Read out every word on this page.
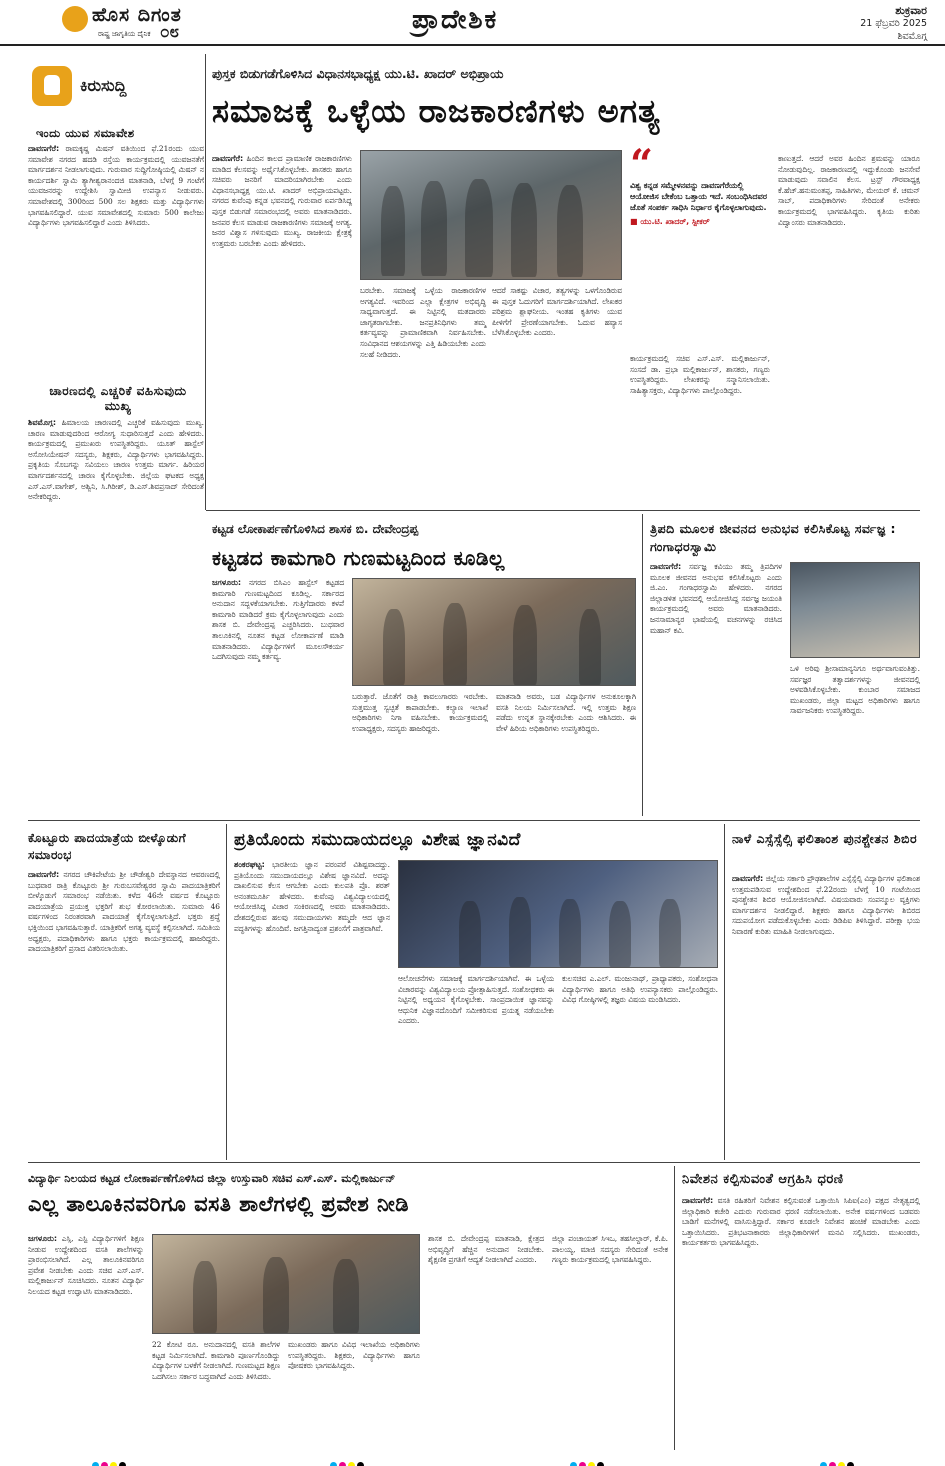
ಹೊಸ ದಿಗಂತ
ರಾಷ್ಟ್ರ ಜಾಗೃತಿಯ ದೈನಿಕ ೦೮	ಪ್ರಾದೇಶಿಕ	ಶುಕ್ರವಾರ
21 ಫೆಬ್ರವರಿ 2025
ಶಿವಮೊಗ್ಗ
ಕಿರುಸುದ್ದಿ
ಇಂದು ಯುವ ಸಮಾವೇಶ
ದಾವಣಗೆರೆ: ರಾಮಕೃಷ್ಣ ಮಿಷನ್ ವತಿಯಿಂದ ಫೆ.21ರಂದು ಯುವ ಸಮಾವೇಶ ನಗರದ ಹದಡಿ ರಸ್ತೆಯ ಕಾರ್ಯಕ್ರಮದಲ್ಲಿ ಯುವಜನತೆಗೆ ಮಾರ್ಗದರ್ಶನ ನೀಡಲಾಗುವುದು. ಗುರುವಾರ ಸುದ್ದಿಗೋಷ್ಠಿಯಲ್ಲಿ ಮಿಷನ್ ನ ಕಾರ್ಯದರ್ಶಿ ಸ್ವಾಮಿ ತ್ಯಾಗೀಶ್ವರಾನಂದಜಿ ಮಾತನಾಡಿ, ಬೆಳಗ್ಗೆ 9 ಗಂಟೆಗೆ ಯುವಜನರನ್ನು ಉದ್ದೇಶಿಸಿ ಸ್ವಾಮೀಜಿ ಉಪನ್ಯಾಸ ನೀಡುವರು. ಸಮಾವೇಶದಲ್ಲಿ 300ರಿಂದ 500 ಸಲ ಶಿಕ್ಷಕರು ಮತ್ತು ವಿದ್ಯಾರ್ಥಿಗಳು ಭಾಗವಹಿಸಲಿದ್ದಾರೆ. ಯುವ ಸಮಾವೇಶದಲ್ಲಿ ಸುಮಾರು 500 ಕಾಲೇಜು ವಿದ್ಯಾರ್ಥಿಗಳು ಭಾಗವಹಿಸಲಿದ್ದಾರೆ ಎಂದು ತಿಳಿಸಿದರು.
ಚಾರಣದಲ್ಲಿ ಎಚ್ಚರಿಕೆ ವಹಿಸುವುದು ಮುಖ್ಯ
ಶಿವಮೊಗ್ಗ: ಹಿಮಾಲಯ ಚಾರಣದಲ್ಲಿ ಎಚ್ಚರಿಕೆ ವಹಿಸುವುದು ಮುಖ್ಯ. ಚಾರಣ ಮಾಡುವುದರಿಂದ ಆರೋಗ್ಯ ಸುಧಾರಿಸುತ್ತದೆ ಎಂದು ಹೇಳಿದರು. ಕಾರ್ಯಕ್ರಮದಲ್ಲಿ ಪ್ರಮುಖರು ಉಪಸ್ಥಿತರಿದ್ದರು. ಯೂತ್ ಹಾಸ್ಟೆಲ್ ಅಸೋಸಿಯೇಷನ್ ಸದಸ್ಯರು, ಶಿಕ್ಷಕರು, ವಿದ್ಯಾರ್ಥಿಗಳು ಭಾಗವಹಿಸಿದ್ದರು. ಪ್ರಕೃತಿಯ ಸೊಬಗನ್ನು ಸವಿಯಲು ಚಾರಣ ಉತ್ತಮ ಮಾರ್ಗ. ಹಿರಿಯರ ಮಾರ್ಗದರ್ಶನದಲ್ಲಿ ಚಾರಣ ಕೈಗೊಳ್ಳಬೇಕು. ಜಿಲ್ಲೆಯ ಘಟಕದ ಅಧ್ಯಕ್ಷ ಎಸ್.ಎಸ್.ವಾಗೇಶ್, ಅಶ್ವಿನಿ, ಸಿ.ಗಿರೀಶ್, ಡಿ.ಎಸ್.ಶಿವಪ್ರಸಾದ್ ಸೇರಿದಂತೆ ಅನೇಕರಿದ್ದರು.
ಪುಸ್ತಕ ಬಿಡುಗಡೆಗೊಳಿಸಿದ ವಿಧಾನಸಭಾಧ್ಯಕ್ಷ ಯು.ಟಿ. ಖಾದರ್ ಅಭಿಪ್ರಾಯ
ಸಮಾಜಕ್ಕೆ ಒಳ್ಳೆಯ ರಾಜಕಾರಣಿಗಳು ಅಗತ್ಯ
ದಾವಣಗೆರೆ: ಹಿಂದಿನ ಕಾಲದ ಪ್ರಾಮಾಣಿಕ ರಾಜಕಾರಣಿಗಳು ಮಾಡಿದ ಕೆಲಸವನ್ನು ಅರ್ಥೈಸಿಕೊಳ್ಳಬೇಕು. ಶಾಸಕರು ಹಾಗೂ ಸಚಿವರು ಜನರಿಗೆ ಮಾದರಿಯಾಗಿರಬೇಕು ಎಂದು ವಿಧಾನಸಭಾಧ್ಯಕ್ಷ ಯು.ಟಿ. ಖಾದರ್ ಅಭಿಪ್ರಾಯಪಟ್ಟರು. ನಗರದ ಕುವೆಂಪು ಕನ್ನಡ ಭವನದಲ್ಲಿ ಗುರುವಾರ ಏರ್ಪಡಿಸಿದ್ದ ಪುಸ್ತಕ ಬಿಡುಗಡೆ ಸಮಾರಂಭದಲ್ಲಿ ಅವರು ಮಾತನಾಡಿದರು. ಜನಪರ ಕೆಲಸ ಮಾಡುವ ರಾಜಕಾರಣಿಗಳು ಸಮಾಜಕ್ಕೆ ಅಗತ್ಯ. ಜನರ ವಿಶ್ವಾಸ ಗಳಿಸುವುದು ಮುಖ್ಯ. ರಾಜಕೀಯ ಕ್ಷೇತ್ರಕ್ಕೆ ಉತ್ತಮರು ಬರಬೇಕು ಎಂದು ಹೇಳಿದರು.
ಬರಬೇಕು. ಸಮಾಜಕ್ಕೆ ಒಳ್ಳೆಯ ರಾಜಕಾರಣಿಗಳ ಅಗತ್ಯವಿದೆ. ಇವರಿಂದ ಎಲ್ಲಾ ಕ್ಷೇತ್ರಗಳ ಅಭಿವೃದ್ಧಿ ಸಾಧ್ಯವಾಗುತ್ತದೆ. ಈ ನಿಟ್ಟಿನಲ್ಲಿ ಮತದಾರರು ಜಾಗೃತರಾಗಬೇಕು. ಜನಪ್ರತಿನಿಧಿಗಳು ತಮ್ಮ ಕರ್ತವ್ಯವನ್ನು ಪ್ರಾಮಾಣಿಕವಾಗಿ ನಿರ್ವಹಿಸಬೇಕು. ಸಂವಿಧಾನದ ಆಶಯಗಳನ್ನು ಎತ್ತಿ ಹಿಡಿಯಬೇಕು ಎಂದು ಸಲಹೆ ನೀಡಿದರು.
ಆದರೆ ಸಾಕಷ್ಟು ವಿಚಾರ, ತತ್ವಗಳನ್ನು ಒಳಗೊಂಡಿರುವ ಈ ಪುಸ್ತಕ ಓದುಗರಿಗೆ ಮಾರ್ಗದರ್ಶಿಯಾಗಿದೆ. ಲೇಖಕರ ಪರಿಶ್ರಮ ಶ್ಲಾಘನೀಯ. ಇಂತಹ ಕೃತಿಗಳು ಯುವ ಪೀಳಿಗೆಗೆ ಪ್ರೇರಣೆಯಾಗಬೇಕು. ಓದುವ ಹವ್ಯಾಸ ಬೆಳೆಸಿಕೊಳ್ಳಬೇಕು ಎಂದರು.
“
ವಿಶ್ವ ಕನ್ನಡ ಸಮ್ಮೇಳನವನ್ನು ದಾವಣಗೆರೆಯಲ್ಲಿ ಆಯೋಜಿಸ ಬೇಕೆಂಬ ಒತ್ತಾಯ ಇದೆ. ಸಂಬಂಧಿಸಿದವರ ಜೊತೆ ಸಂಪರ್ಕ ಸಾಧಿಸಿ ನಿರ್ಧಾರ ಕೈಗೊಳ್ಳಲಾಗುವುದು.
■ ಯು.ಟಿ. ಖಾದರ್, ಸ್ಪೀಕರ್
ಕಾರ್ಯಕ್ರಮದಲ್ಲಿ ಸಚಿವ ಎಸ್.ಎಸ್. ಮಲ್ಲಿಕಾರ್ಜುನ್, ಸಂಸದೆ ಡಾ. ಪ್ರಭಾ ಮಲ್ಲಿಕಾರ್ಜುನ್, ಶಾಸಕರು, ಗಣ್ಯರು ಉಪಸ್ಥಿತರಿದ್ದರು. ಲೇಖಕರನ್ನು ಸನ್ಮಾನಿಸಲಾಯಿತು. ಸಾಹಿತ್ಯಾಸಕ್ತರು, ವಿದ್ಯಾರ್ಥಿಗಳು ಪಾಲ್ಗೊಂಡಿದ್ದರು.
ಕಾಣುತ್ತದೆ. ಆದರೆ ಅವರ ಹಿಂದಿನ ಶ್ರಮವನ್ನು ಯಾರೂ ನೋಡುವುದಿಲ್ಲ. ರಾಜಕಾರಣದಲ್ಲಿ ಇದ್ದುಕೊಂಡು ಜನಸೇವೆ ಮಾಡುವುದು ಸವಾಲಿನ ಕೆಲಸ. ಟ್ರಸ್ಟ್ ಗೌರವಾಧ್ಯಕ್ಷ ಕೆ.ಹೆಚ್.ಹನುಮಂತಪ್ಪ, ಸಾಹಿತಿಗಳು, ಮೇಯರ್ ಕೆ. ಚಮನ್ ಸಾಬ್, ಪದಾಧಿಕಾರಿಗಳು ಸೇರಿದಂತೆ ಅನೇಕರು ಕಾರ್ಯಕ್ರಮದಲ್ಲಿ ಭಾಗವಹಿಸಿದ್ದರು. ಕೃತಿಯ ಕುರಿತು ವಿದ್ವಾಂಸರು ಮಾತನಾಡಿದರು.
ಕಟ್ಟಡ ಲೋಕಾರ್ಪಣೆಗೊಳಿಸಿದ ಶಾಸಕ ಬಿ. ದೇವೇಂದ್ರಪ್ಪ
ಕಟ್ಟಡದ ಕಾಮಗಾರಿ ಗುಣಮಟ್ಟದಿಂದ ಕೂಡಿಲ್ಲ
ಜಗಳೂರು: ನಗರದ ಬಿಸಿಎಂ ಹಾಸ್ಟೆಲ್ ಕಟ್ಟಡದ ಕಾಮಗಾರಿ ಗುಣಮಟ್ಟದಿಂದ ಕೂಡಿಲ್ಲ. ಸರ್ಕಾರದ ಅನುದಾನ ಸದ್ಬಳಕೆಯಾಗಬೇಕು. ಗುತ್ತಿಗೆದಾರರು ಕಳಪೆ ಕಾಮಗಾರಿ ಮಾಡಿದರೆ ಕ್ರಮ ಕೈಗೊಳ್ಳಲಾಗುವುದು ಎಂದು ಶಾಸಕ ಬಿ. ದೇವೇಂದ್ರಪ್ಪ ಎಚ್ಚರಿಸಿದರು. ಬುಧವಾರ ತಾಲೂಕಿನಲ್ಲಿ ನೂತನ ಕಟ್ಟಡ ಲೋಕಾರ್ಪಣೆ ಮಾಡಿ ಮಾತನಾಡಿದರು. ವಿದ್ಯಾರ್ಥಿಗಳಿಗೆ ಮೂಲಸೌಕರ್ಯ ಒದಗಿಸುವುದು ನಮ್ಮ ಕರ್ತವ್ಯ.
ಬರುತ್ತಾರೆ. ಜೊತೆಗೆ ರಾತ್ರಿ ಕಾವಲುಗಾರರು ಇರಬೇಕು. ಸುತ್ತಮುತ್ತ ಸ್ವಚ್ಛತೆ ಕಾಪಾಡಬೇಕು. ಕಲ್ಯಾಣ ಇಲಾಖೆ ಅಧಿಕಾರಿಗಳು ನಿಗಾ ವಹಿಸಬೇಕು. ಕಾರ್ಯಕ್ರಮದಲ್ಲಿ ಉಪಾಧ್ಯಕ್ಷರು, ಸದಸ್ಯರು ಹಾಜರಿದ್ದರು.
ಮಾತನಾಡಿ ಅವರು, ಬಡ ವಿದ್ಯಾರ್ಥಿಗಳ ಅನುಕೂಲಕ್ಕಾಗಿ ವಸತಿ ನಿಲಯ ನಿರ್ಮಿಸಲಾಗಿದೆ. ಇಲ್ಲಿ ಉತ್ತಮ ಶಿಕ್ಷಣ ಪಡೆದು ಉನ್ನತ ಸ್ಥಾನಕ್ಕೇರಬೇಕು ಎಂದು ಆಶಿಸಿದರು. ಈ ವೇಳೆ ಹಿರಿಯ ಅಧಿಕಾರಿಗಳು ಉಪಸ್ಥಿತರಿದ್ದರು.
ತ್ರಿಪದಿ ಮೂಲಕ ಜೀವನದ ಅನುಭವ ಕಲಿಸಿಕೊಟ್ಟ ಸರ್ವಜ್ಞ : ಗಂಗಾಧರಸ್ವಾಮಿ
ದಾವಣಗೆರೆ: ಸರ್ವಜ್ಞ ಕವಿಯು ತಮ್ಮ ತ್ರಿಪದಿಗಳ ಮೂಲಕ ಜೀವನದ ಅನುಭವ ಕಲಿಸಿಕೊಟ್ಟರು ಎಂದು ಜಿ.ಎಂ. ಗಂಗಾಧರಸ್ವಾಮಿ ಹೇಳಿದರು. ನಗರದ ಜಿಲ್ಲಾಡಳಿತ ಭವನದಲ್ಲಿ ಆಯೋಜಿಸಿದ್ದ ಸರ್ವಜ್ಞ ಜಯಂತಿ ಕಾರ್ಯಕ್ರಮದಲ್ಲಿ ಅವರು ಮಾತನಾಡಿದರು. ಜನಸಾಮಾನ್ಯರ ಭಾಷೆಯಲ್ಲಿ ವಚನಗಳನ್ನು ರಚಿಸಿದ ಮಹಾನ್ ಕವಿ.
ಒಳಿ ಅರಿವು ಶ್ರೀಸಾಮಾನ್ಯನಿಗೂ ಅರ್ಥವಾಗುವಂತಿತ್ತು. ಸರ್ವಜ್ಞರ ತತ್ವಾದರ್ಶಗಳನ್ನು ಜೀವನದಲ್ಲಿ ಅಳವಡಿಸಿಕೊಳ್ಳಬೇಕು. ಕುಂಬಾರ ಸಮಾಜದ ಮುಖಂಡರು, ಜಿಲ್ಲಾ ಮಟ್ಟದ ಅಧಿಕಾರಿಗಳು ಹಾಗೂ ಸಾರ್ವಜನಿಕರು ಉಪಸ್ಥಿತರಿದ್ದರು.
ಕೊಟ್ಟೂರು ಪಾದಯಾತ್ರೆಯ ಬೀಳ್ಕೊಡುಗೆ ಸಮಾರಂಭ
ದಾವಣಗೆರೆ: ನಗರದ ಚೌಕಿಪೇಟೆಯ ಶ್ರೀ ಚೌಡೇಶ್ವರಿ ದೇವಸ್ಥಾನದ ಆವರಣದಲ್ಲಿ ಬುಧವಾರ ರಾತ್ರಿ ಕೊಟ್ಟೂರು ಶ್ರೀ ಗುರುಬಸವೇಶ್ವರರ ಸ್ವಾಮಿ ಪಾದಯಾತ್ರಿಕರಿಗೆ ಬೀಳ್ಕೊಡುಗೆ ಸಮಾರಂಭ ನಡೆಯಿತು. ಕಳೆದ 46ನೇ ವರ್ಷದ ಕೊಟ್ಟೂರು ಪಾದಯಾತ್ರೆಯ ಪ್ರಯುಕ್ತ ಭಕ್ತರಿಗೆ ಶುಭ ಕೋರಲಾಯಿತು. ಸುಮಾರು 46 ವರ್ಷಗಳಿಂದ ನಿರಂತರವಾಗಿ ಪಾದಯಾತ್ರೆ ಕೈಗೊಳ್ಳಲಾಗುತ್ತಿದೆ. ಭಕ್ತರು ಶ್ರದ್ಧೆ ಭಕ್ತಿಯಿಂದ ಭಾಗವಹಿಸುತ್ತಾರೆ. ಯಾತ್ರಿಕರಿಗೆ ಅಗತ್ಯ ವ್ಯವಸ್ಥೆ ಕಲ್ಪಿಸಲಾಗಿದೆ. ಸಮಿತಿಯ ಅಧ್ಯಕ್ಷರು, ಪದಾಧಿಕಾರಿಗಳು ಹಾಗೂ ಭಕ್ತರು ಕಾರ್ಯಕ್ರಮದಲ್ಲಿ ಹಾಜರಿದ್ದರು. ಪಾದಯಾತ್ರಿಕರಿಗೆ ಪ್ರಸಾದ ವಿತರಿಸಲಾಯಿತು.
ಪ್ರತಿಯೊಂದು ಸಮುದಾಯದಲ್ಲೂ ವಿಶೇಷ ಜ್ಞಾನವಿದೆ
ಶಂಕರಘಟ್ಟ: ಭಾರತೀಯ ಜ್ಞಾನ ಪರಂಪರೆ ವಿಶಿಷ್ಟವಾದದ್ದು. ಪ್ರತಿಯೊಂದು ಸಮುದಾಯದಲ್ಲೂ ವಿಶೇಷ ಜ್ಞಾನವಿದೆ. ಅದನ್ನು ದಾಖಲಿಸುವ ಕೆಲಸ ಆಗಬೇಕು ಎಂದು ಕುಲಪತಿ ಪ್ರೊ. ಶರತ್ ಅನಂತಮೂರ್ತಿ ಹೇಳಿದರು. ಕುವೆಂಪು ವಿಶ್ವವಿದ್ಯಾಲಯದಲ್ಲಿ ಆಯೋಜಿಸಿದ್ದ ವಿಚಾರ ಸಂಕಿರಣದಲ್ಲಿ ಅವರು ಮಾತನಾಡಿದರು. ದೇಶದಲ್ಲಿರುವ ಹಲವು ಸಮುದಾಯಗಳು ತಮ್ಮದೇ ಆದ ಜ್ಞಾನ ಪದ್ಧತಿಗಳನ್ನು ಹೊಂದಿವೆ. ಜಗತ್ತಿನಾದ್ಯಂತ ಪ್ರಶಂಸೆಗೆ ಪಾತ್ರವಾಗಿವೆ.
ಆಲೋಚನೆಗಳು ಸಮಾಜಕ್ಕೆ ಮಾರ್ಗದರ್ಶಿಯಾಗಿವೆ. ಈ ಒಳ್ಳೆಯ ವಿಚಾರವನ್ನು ವಿಶ್ವವಿದ್ಯಾಲಯ ಪ್ರೋತ್ಸಾಹಿಸುತ್ತದೆ. ಸಂಶೋಧಕರು ಈ ನಿಟ್ಟಿನಲ್ಲಿ ಅಧ್ಯಯನ ಕೈಗೊಳ್ಳಬೇಕು. ಸಾಂಪ್ರದಾಯಿಕ ಜ್ಞಾನವನ್ನು ಆಧುನಿಕ ವಿಜ್ಞಾನದೊಂದಿಗೆ ಸಮೀಕರಿಸುವ ಪ್ರಯತ್ನ ನಡೆಯಬೇಕು ಎಂದರು.
ಕುಲಸಚಿವ ಎ.ಎಲ್. ಮಂಜುನಾಥ್, ಪ್ರಾಧ್ಯಾಪಕರು, ಸಂಶೋಧನಾ ವಿದ್ಯಾರ್ಥಿಗಳು ಹಾಗೂ ಅತಿಥಿ ಉಪನ್ಯಾಸಕರು ಪಾಲ್ಗೊಂಡಿದ್ದರು. ವಿವಿಧ ಗೋಷ್ಠಿಗಳಲ್ಲಿ ತಜ್ಞರು ವಿಷಯ ಮಂಡಿಸಿದರು.
ನಾಳೆ ಎಸ್ಸೆಸ್ಸೆಲ್ಸಿ ಫಲಿತಾಂಶ ಪುನಶ್ಚೇತನ ಶಿಬಿರ
ದಾವಣಗೆರೆ: ಜಿಲ್ಲೆಯ ಸರ್ಕಾರಿ ಪ್ರೌಢಶಾಲೆಗಳ ಎಸ್ಸೆಸ್ಸೆಲ್ಸಿ ವಿದ್ಯಾರ್ಥಿಗಳ ಫಲಿತಾಂಶ ಉತ್ತಮಪಡಿಸುವ ಉದ್ದೇಶದಿಂದ ಫೆ.22ರಂದು ಬೆಳಗ್ಗೆ 10 ಗಂಟೆಯಿಂದ ಪುನಶ್ಚೇತನ ಶಿಬಿರ ಆಯೋಜಿಸಲಾಗಿದೆ. ವಿಷಯವಾರು ಸಂಪನ್ಮೂಲ ವ್ಯಕ್ತಿಗಳು ಮಾರ್ಗದರ್ಶನ ನೀಡಲಿದ್ದಾರೆ. ಶಿಕ್ಷಕರು ಹಾಗೂ ವಿದ್ಯಾರ್ಥಿಗಳು ಶಿಬಿರದ ಸದುಪಯೋಗ ಪಡೆದುಕೊಳ್ಳಬೇಕು ಎಂದು ಡಿಡಿಪಿಐ ತಿಳಿಸಿದ್ದಾರೆ. ಪರೀಕ್ಷಾ ಭಯ ನಿವಾರಣೆ ಕುರಿತು ಮಾಹಿತಿ ನೀಡಲಾಗುವುದು.
ವಿದ್ಯಾರ್ಥಿ ನಿಲಯದ ಕಟ್ಟಡ ಲೋಕಾರ್ಪಣೆಗೊಳಿಸಿದ ಜಿಲ್ಲಾ ಉಸ್ತುವಾರಿ ಸಚಿವ ಎಸ್.ಎಸ್. ಮಲ್ಲಿಕಾರ್ಜುನ್
ಎಲ್ಲ ತಾಲೂಕಿನವರಿಗೂ ವಸತಿ ಶಾಲೆಗಳಲ್ಲಿ ಪ್ರವೇಶ ನೀಡಿ
ಜಗಳೂರು: ಎಸ್ಸಿ, ಎಸ್ಟಿ ವಿದ್ಯಾರ್ಥಿಗಳಿಗೆ ಶಿಕ್ಷಣ ನೀಡುವ ಉದ್ದೇಶದಿಂದ ವಸತಿ ಶಾಲೆಗಳನ್ನು ಪ್ರಾರಂಭಿಸಲಾಗಿದೆ. ಎಲ್ಲ ತಾಲೂಕಿನವರಿಗೂ ಪ್ರವೇಶ ನೀಡಬೇಕು ಎಂದು ಸಚಿವ ಎಸ್.ಎಸ್. ಮಲ್ಲಿಕಾರ್ಜುನ್ ಸೂಚಿಸಿದರು. ನೂತನ ವಿದ್ಯಾರ್ಥಿ ನಿಲಯದ ಕಟ್ಟಡ ಉದ್ಘಾಟಿಸಿ ಮಾತನಾಡಿದರು.
22 ಕೋಟಿ ರೂ. ಅನುದಾನದಲ್ಲಿ ವಸತಿ ಶಾಲೆಗಳ ಕಟ್ಟಡ ನಿರ್ಮಿಸಲಾಗಿದೆ. ಕಾಮಗಾರಿ ಪೂರ್ಣಗೊಂಡಿದ್ದು ವಿದ್ಯಾರ್ಥಿಗಳ ಬಳಕೆಗೆ ನೀಡಲಾಗಿದೆ. ಗುಣಮಟ್ಟದ ಶಿಕ್ಷಣ ಒದಗಿಸಲು ಸರ್ಕಾರ ಬದ್ಧವಾಗಿದೆ ಎಂದು ತಿಳಿಸಿದರು.
ಮುಖಂಡರು ಹಾಗೂ ವಿವಿಧ ಇಲಾಖೆಯ ಅಧಿಕಾರಿಗಳು ಉಪಸ್ಥಿತರಿದ್ದರು. ಶಿಕ್ಷಕರು, ವಿದ್ಯಾರ್ಥಿಗಳು ಹಾಗೂ ಪೋಷಕರು ಭಾಗವಹಿಸಿದ್ದರು.
ಶಾಸಕ ಬಿ. ದೇವೇಂದ್ರಪ್ಪ ಮಾತನಾಡಿ, ಕ್ಷೇತ್ರದ ಅಭಿವೃದ್ಧಿಗೆ ಹೆಚ್ಚಿನ ಅನುದಾನ ನೀಡಬೇಕು. ಶೈಕ್ಷಣಿಕ ಪ್ರಗತಿಗೆ ಆದ್ಯತೆ ನೀಡಲಾಗಿದೆ ಎಂದರು.
ಜಿಲ್ಲಾ ಪಂಚಾಯತ್ ಸಿಇಒ, ತಹಸೀಲ್ದಾರ್, ಕೆ.ಪಿ. ಪಾಲಯ್ಯ, ಮಾಜಿ ಸದಸ್ಯರು ಸೇರಿದಂತೆ ಅನೇಕ ಗಣ್ಯರು ಕಾರ್ಯಕ್ರಮದಲ್ಲಿ ಭಾಗವಹಿಸಿದ್ದರು.
ನಿವೇಶನ ಕಲ್ಪಿಸುವಂತೆ ಆಗ್ರಹಿಸಿ ಧರಣಿ
ದಾವಣಗೆರೆ: ವಸತಿ ರಹಿತರಿಗೆ ನಿವೇಶನ ಕಲ್ಪಿಸುವಂತೆ ಒತ್ತಾಯಿಸಿ ಸಿಪಿಐ(ಎಂ) ಪಕ್ಷದ ನೇತೃತ್ವದಲ್ಲಿ ಜಿಲ್ಲಾಧಿಕಾರಿ ಕಚೇರಿ ಎದುರು ಗುರುವಾರ ಧರಣಿ ನಡೆಸಲಾಯಿತು. ಅನೇಕ ವರ್ಷಗಳಿಂದ ಬಡವರು ಬಾಡಿಗೆ ಮನೆಗಳಲ್ಲಿ ವಾಸಿಸುತ್ತಿದ್ದಾರೆ. ಸರ್ಕಾರ ಕೂಡಲೇ ನಿವೇಶನ ಹಂಚಿಕೆ ಮಾಡಬೇಕು ಎಂದು ಒತ್ತಾಯಿಸಿದರು. ಪ್ರತಿಭಟನಾಕಾರರು ಜಿಲ್ಲಾಧಿಕಾರಿಗಳಿಗೆ ಮನವಿ ಸಲ್ಲಿಸಿದರು. ಮುಖಂಡರು, ಕಾರ್ಯಕರ್ತರು ಭಾಗವಹಿಸಿದ್ದರು.
